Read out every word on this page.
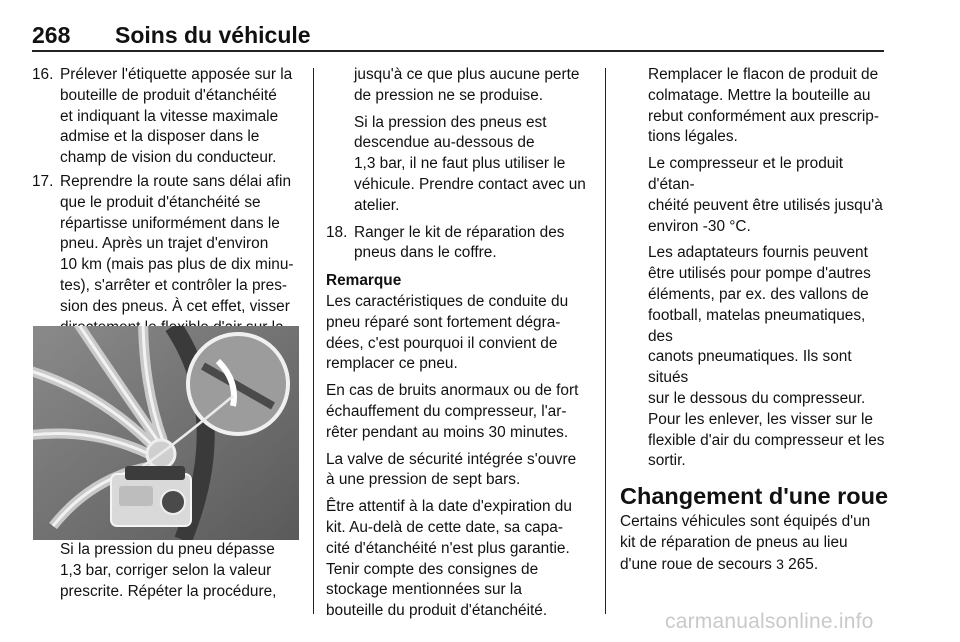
268 Soins du véhicule
16. Prélever l'étiquette apposée sur la
bouteille de produit d'étanchéité
et indiquant la vitesse maximale
admise et la disposer dans le
champ de vision du conducteur.
17. Reprendre la route sans délai afin
que le produit d'étanchéité se
répartisse uniformément dans le
pneu. Après un trajet d'environ
10 km (mais pas plus de dix minu-
tes), s'arrêter et contrôler la pres-
sion des pneus. À cet effet, visser
Si la pression du pneu dépasse
1,3 bar, corriger selon la valeur
prescrite. Répéter la procédure,

jusqu'à ce que plus aucune perte
de pression ne se produise.

Si la pression des pneus est
descendue au-dessous de
1,3 bar, il ne faut plus utiliser le
véhicule. Prendre contact avec un
atelier.

18. Ranger le kit de réparation des
pneus dans le coffre.

Remarque

Les caractéristiques de conduite du
pneu réparé sont fortement dégra-
dées, c'est pourquoi il convient de
remplacer ce pneu.

En cas de bruits anormaux ou de fort
échauffement du compresseur, l'ar-
rêter pendant au moins 30 minutes.

La valve de sécurité intégrée s'ouvre
à une pression de sept bars.

Être attentif à la date d'expiration du
kit. Au-delà de cette date, sa capa-
cité d'étanchéité n'est plus garantie.
Tenir compte des consignes de
stockage mentionnées sur la
bouteille du produit d'étanchéité.

Remplacer le flacon de produit de
colmatage. Mettre la bouteille au
rebut conformément aux prescrip-
tions légales.

Le compresseur et le produit d'étan-
chéité peuvent être utilisés jusqu'à
environ -30 °C.

Les adaptateurs fournis peuvent
être utilisés pour pompe d'autres
éléments, par ex. des vallons de
football, matelas pneumatiques, des
canots pneumatiques. Ils sont situés
sur le dessous du compresseur.
Pour les enlever, les visser sur le
flexible d'air du compresseur et les
sortir.

Changement d'une roue

Certains véhicules sont équipés d'un
kit de réparation de pneus au lieu
d'une roue de secours 3 265.

carmanualsonline.info
